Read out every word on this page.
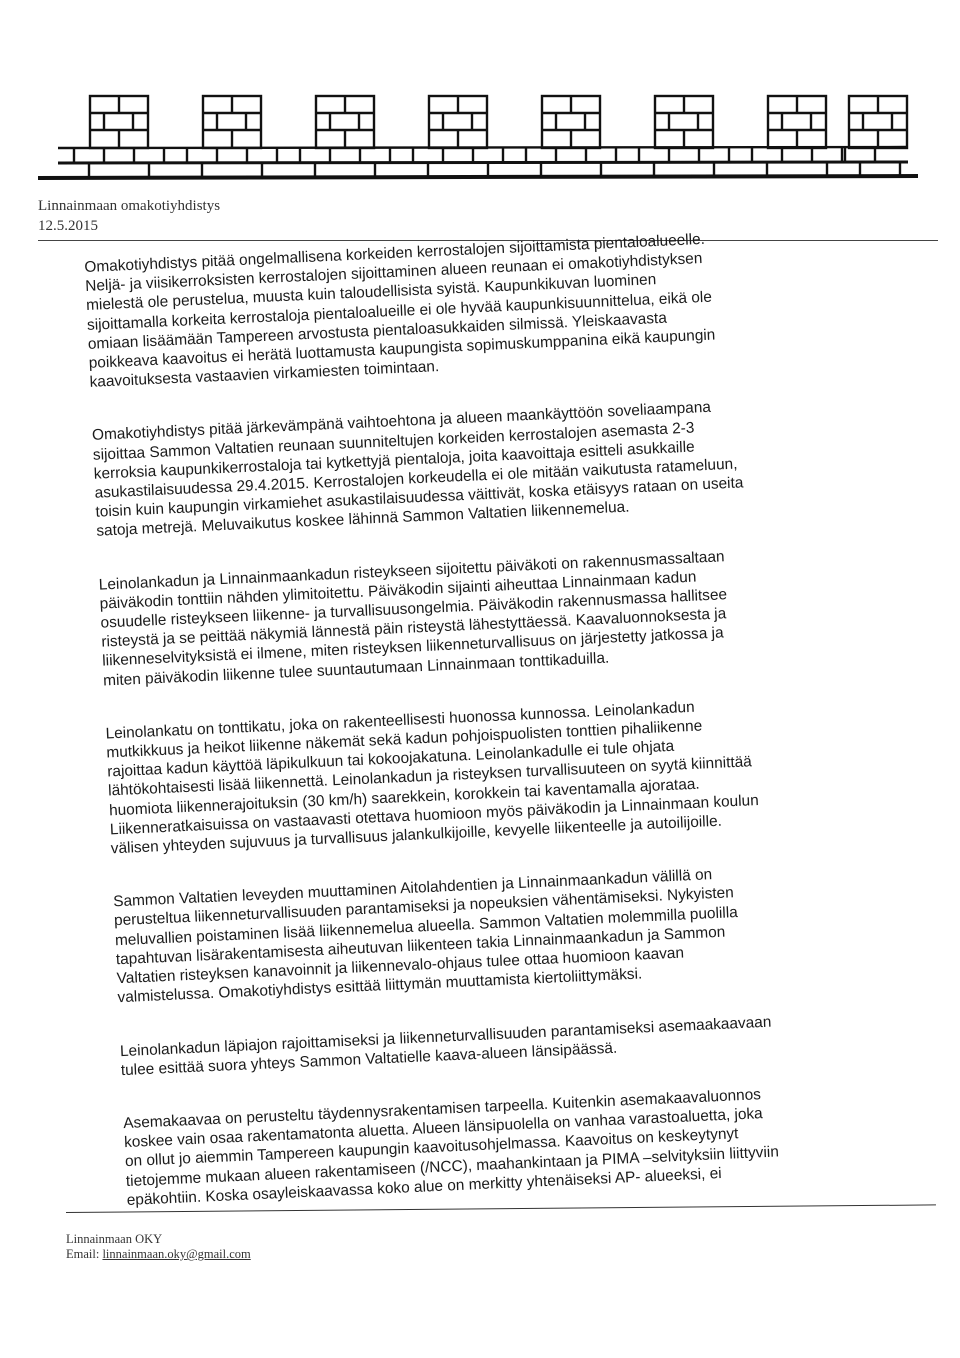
Linnainmaan omakotiyhdistys
12.5.2015

Omakotiyhdistys pitää ongelmallisena korkeiden kerrostalojen sijoittamista pientaloalueelle.
Neljä- ja viisikerroksisten kerrostalojen sijoittaminen alueen reunaan ei omakotiyhdistyksen
mielestä ole perustelua, muusta kuin taloudellisista syistä. Kaupunkikuvan luominen
sijoittamalla korkeita kerrostaloja pientaloalueille ei ole hyvää kaupunkisuunnittelua, eikä ole
omiaan lisäämään Tampereen arvostusta pientaloasukkaiden silmissä. Yleiskaavasta
poikkeava kaavoitus ei herätä luottamusta kaupungista sopimuskumppanina eikä kaupungin
kaavoituksesta vastaavien virkamiesten toimintaan.

Omakotiyhdistys pitää järkevämpänä vaihtoehtona ja alueen maankäyttöön soveliaampana
sijoittaa Sammon Valtatien reunaan suunniteltujen korkeiden kerrostalojen asemasta 2-3
kerroksia kaupunkikerrostaloja tai kytkettyjä pientaloja, joita kaavoittaja esitteli asukkaille
asukastilaisuudessa 29.4.2015. Kerrostalojen korkeudella ei ole mitään vaikutusta ratameluun,
toisin kuin kaupungin virkamiehet asukastilaisuudessa väittivät, koska etäisyys rataan on useita
satoja metrejä. Meluvaikutus koskee lähinnä Sammon Valtatien liikennemelua.

Leinolankadun ja Linnainmaankadun risteykseen sijoitettu päiväkoti on rakennusmassaltaan
päiväkodin tonttiin nähden ylimitoitettu. Päiväkodin sijainti aiheuttaa Linnainmaan kadun
osuudelle risteykseen liikenne- ja turvallisuusongelmia. Päiväkodin rakennusmassa hallitsee
risteystä ja se peittää näkymiä lännestä päin risteystä lähestyttäessä. Kaavaluonnoksesta ja
liikenneselvityksistä ei ilmene, miten risteyksen liikenneturvallisuus on järjestetty jatkossa ja
miten päiväkodin liikenne tulee suuntautumaan Linnainmaan tonttikaduilla.

Leinolankatu on tonttikatu, joka on rakenteellisesti huonossa kunnossa. Leinolankadun
mutkikkuus ja heikot liikenne näkemät sekä kadun pohjoispuolisten tonttien pihaliikenne
rajoittaa kadun käyttöä läpikulkuun tai kokoojakatuna. Leinolankadulle ei tule ohjata
lähtökohtaisesti lisää liikennettä. Leinolankadun ja risteyksen turvallisuuteen on syytä kiinnittää
huomiota liikennerajoituksin (30 km/h) saarekkein, korokkein tai kaventamalla ajorataa.
Liikenneratkaisuissa on vastaavasti otettava huomioon myös päiväkodin ja Linnainmaan koulun
välisen yhteyden sujuvuus ja turvallisuus jalankulkijoille, kevyelle liikenteelle ja autoilijoille.

Sammon Valtatien leveyden muuttaminen Aitolahdentien ja Linnainmaankadun välillä on
perusteltua liikenneturvallisuuden parantamiseksi ja nopeuksien vähentämiseksi. Nykyisten
meluvallien poistaminen lisää liikennemelua alueella. Sammon Valtatien molemmilla puolilla
tapahtuvan lisärakentamisesta aiheutuvan liikenteen takia Linnainmaankadun ja Sammon
Valtatien risteyksen kanavoinnit ja liikennevalo-ohjaus tulee ottaa huomioon kaavan
valmistelussa. Omakotiyhdistys esittää liittymän muuttamista kiertoliittymäksi.

Leinolankadun läpiajon rajoittamiseksi ja liikenneturvallisuuden parantamiseksi asemaakaavaan
tulee esittää suora yhteys Sammon Valtatielle kaava-alueen länsipäässä.

Asemakaavaa on perusteltu täydennysrakentamisen tarpeella. Kuitenkin asemakaavaluonnos
koskee vain osaa rakentamatonta aluetta. Alueen länsipuolella on vanhaa varastoaluetta, joka
on ollut jo aiemmin Tampereen kaupungin kaavoitusohjelmassa. Kaavoitus on keskeytynyt
tietojemme mukaan alueen rakentamiseen (/NCC), maahankintaan ja PIMA –selvityksiin liittyviin
epäkohtiin. Koska osayleiskaavassa koko alue on merkitty yhtenäiseksi AP- alueeksi, ei

Linnainmaan OKY
Email: linnainmaan.oky@gmail.com
